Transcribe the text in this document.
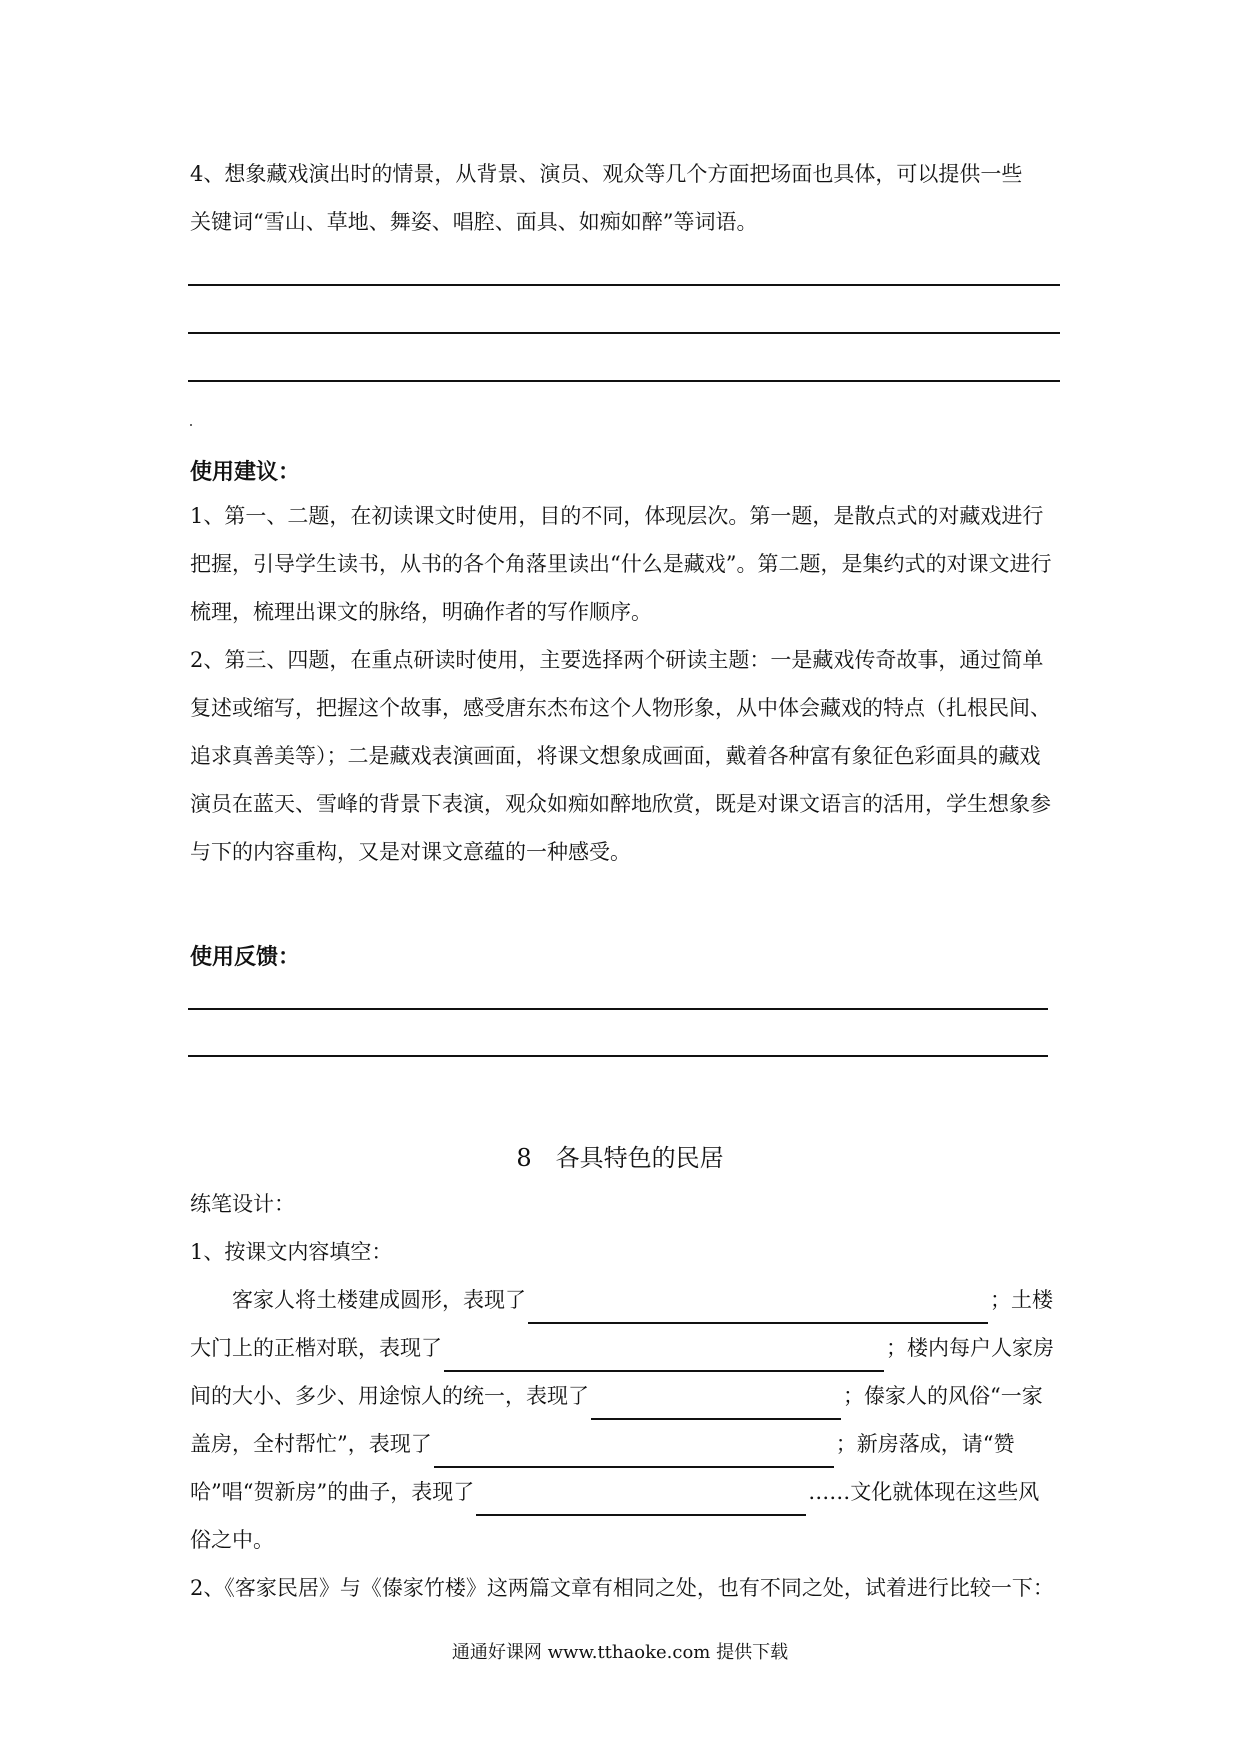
4、想象藏戏演出时的情景，从背景、演员、观众等几个方面把场面也具体，可以提供一些
关键词“雪山、草地、舞姿、唱腔、面具、如痴如醉”等词语。

使用建议：

1、第一、二题，在初读课文时使用，目的不同，体现层次。第一题，是散点式的对藏戏进行把握，引导学生读书，从书的各个角落里读出“什么是藏戏”。第二题，是集约式的对课文进行梳理，梳理出课文的脉络，明确作者的写作顺序。

2、第三、四题，在重点研读时使用，主要选择两个研读主题：一是藏戏传奇故事，通过简单复述或缩写，把握这个故事，感受唐东杰布这个人物形象，从中体会藏戏的特点（扎根民间、追求真善美等）；二是藏戏表演画面，将课文想象成画面，戴着各种富有象征色彩面具的藏戏演员在蓝天、雪峰的背景下表演，观众如痴如醉地欣赏，既是对课文语言的活用，学生想象参与下的内容重构，又是对课文意蕴的一种感受。

使用反馈：

8　各具特色的民居

练笔设计：

1、按课文内容填空：

客家人将土楼建成圆形，表现了	；土楼大门上的正楷对联，表现了	；楼内每户人家房间的大小、多少、用途惊人的统一，表现了	；傣家人的风俗“一家盖房，全村帮忙”，表现了	；新房落成，请“赞哈”唱“贺新房”的曲子，表现了	……文化就体现在这些风俗之中。

2、《客家民居》与《傣家竹楼》这两篇文章有相同之处，也有不同之处，试着进行比较一下：

通通好课网 www.tthaoke.com 提供下载
